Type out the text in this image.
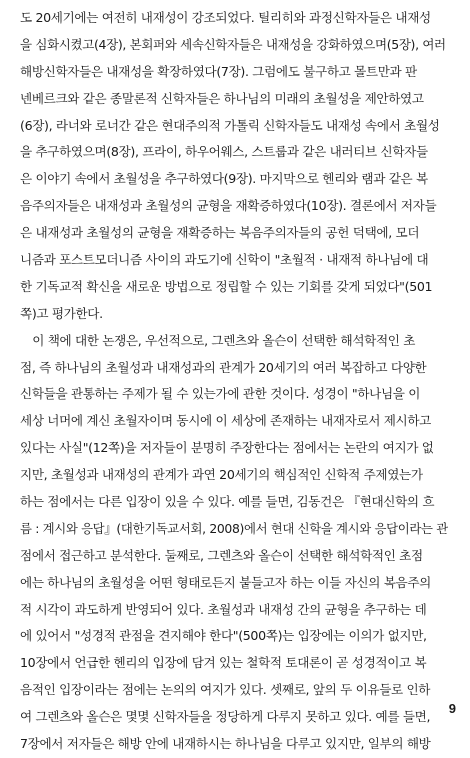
도 20세기에는 여전히 내재성이 강조되었다. 틸리히와 과정신학자들은 내재성
을 심화시켰고(4장), 본회퍼와 세속신학자들은 내재성을 강화하였으며(5장), 여러
해방신학자들은 내재성을 확장하였다(7장). 그럼에도 불구하고 몰트만과 판
넨베르크와 같은 종말론적 신학자들은 하나님의 미래의 초월성을 제안하였고
(6장), 라너와 로너간 같은 현대주의적 가톨릭 신학자들도 내재성 속에서 초월성
을 추구하였으며(8장), 프라이, 하우어웨스, 스트룹과 같은 내러티브 신학자들
은 이야기 속에서 초월성을 추구하였다(9장). 마지막으로 헨리와 램과 같은 복
음주의자들은 내재성과 초월성의 균형을 재확증하였다(10장). 결론에서 저자들
은 내재성과 초월성의 균형을 재확증하는 복음주의자들의 공헌 덕택에, 모더
니즘과 포스트모더니즘 사이의 과도기에 신학이 "초월적 · 내재적 하나님에 대
한 기독교적 확신을 새로운 방법으로 정립할 수 있는 기회를 갖게 되었다"(501
쪽)고 평가한다.
　이 책에 대한 논쟁은, 우선적으로, 그렌츠와 올슨이 선택한 해석학적인 초
점, 즉 하나님의 초월성과 내재성과의 관계가 20세기의 여러 복잡하고 다양한
신학들을 관통하는 주제가 될 수 있는가에 관한 것이다. 성경이 "하나님을 이
세상 너머에 계신 초월자이며 동시에 이 세상에 존재하는 내재자로서 제시하고
있다는 사실"(12쪽)을 저자들이 분명히 주장한다는 점에서는 논란의 여지가 없
지만, 초월성과 내재성의 관계가 과연 20세기의 핵심적인 신학적 주제였는가
하는 점에서는 다른 입장이 있을 수 있다. 예를 들면, 김동건은 『현대신학의 흐
름 : 계시와 응답』(대한기독교서회, 2008)에서 현대 신학을 계시와 응답이라는 관
점에서 접근하고 분석한다. 둘째로, 그렌츠와 올슨이 선택한 해석학적인 초점
에는 하나님의 초월성을 어떤 형태로든지 붙들고자 하는 이들 자신의 복음주의
적 시각이 과도하게 반영되어 있다. 초월성과 내재성 간의 균형을 추구하는 데
에 있어서 "성경적 관점을 견지해야 한다"(500쪽)는 입장에는 이의가 없지만,
10장에서 언급한 헨리의 입장에 담겨 있는 철학적 토대론이 곧 성경적이고 복
음적인 입장이라는 점에는 논의의 여지가 있다. 셋째로, 앞의 두 이유들로 인하
여 그렌츠와 올슨은 몇몇 신학자들을 정당하게 다루지 못하고 있다. 예를 들면,
7장에서 저자들은 해방 안에 내재하시는 하나님을 다루고 있지만, 일부의 해방
9
